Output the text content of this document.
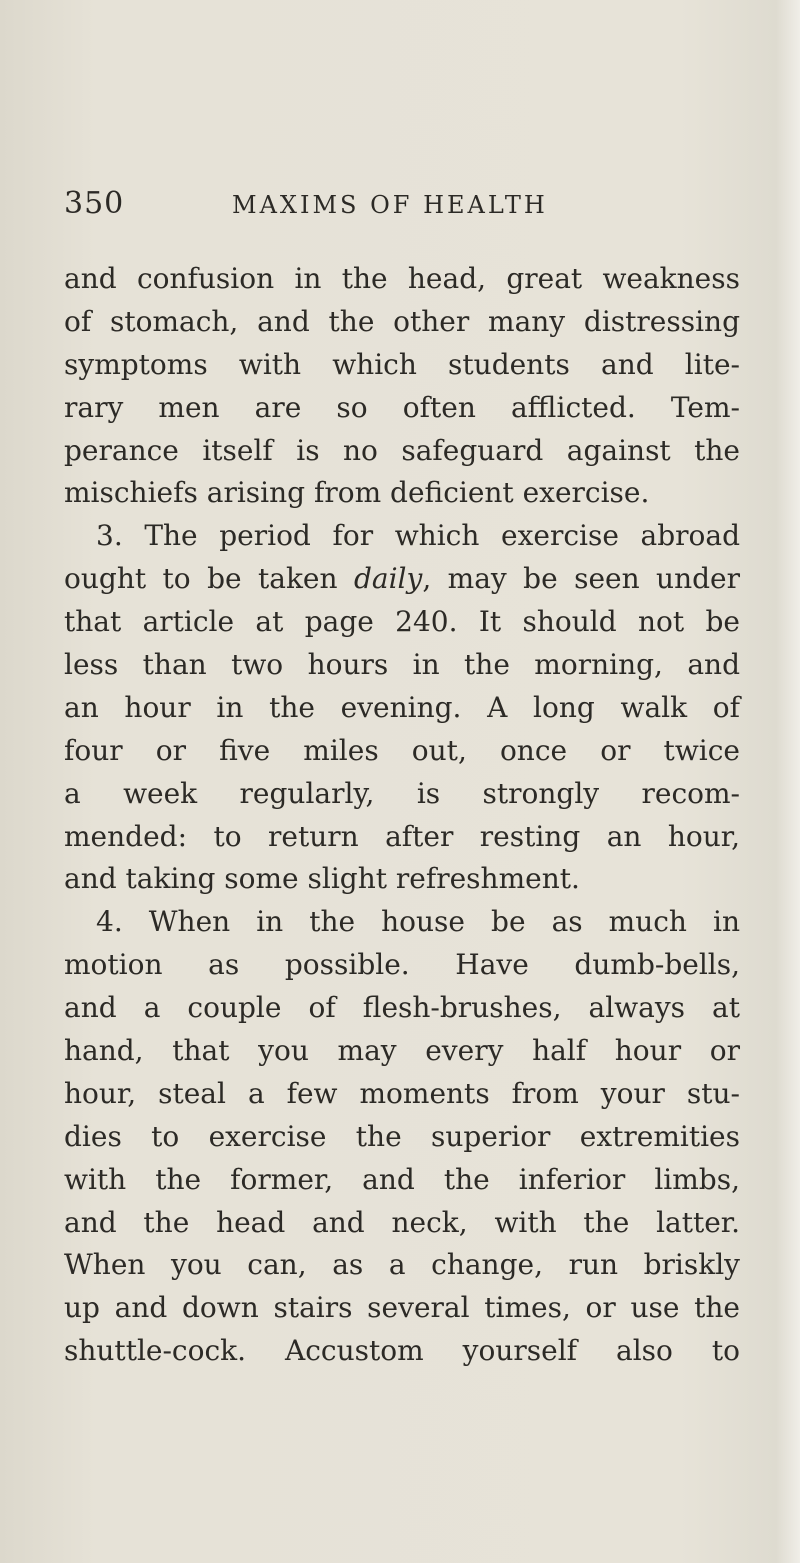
350	MAXIMS OF HEALTH
and confusion in the head, great weakness
of stomach, and the other many distressing
symptoms with which students and lite-
rary men are so often afflicted. Tem-
perance itself is no safeguard against the
mischiefs arising from deficient exercise.
3. The period for which exercise abroad
ought to be taken daily, may be seen under
that article at page 240. It should not be
less than two hours in the morning, and
an hour in the evening. A long walk of
four or five miles out, once or twice
a week regularly, is strongly recom-
mended: to return after resting an hour,
and taking some slight refreshment.
4. When in the house be as much in
motion as possible. Have dumb-bells,
and a couple of flesh-brushes, always at
hand, that you may every half hour or
hour, steal a few moments from your stu-
dies to exercise the superior extremities
with the former, and the inferior limbs,
and the head and neck, with the latter.
When you can, as a change, run briskly
up and down stairs several times, or use the
shuttle-cock. Accustom yourself also to
